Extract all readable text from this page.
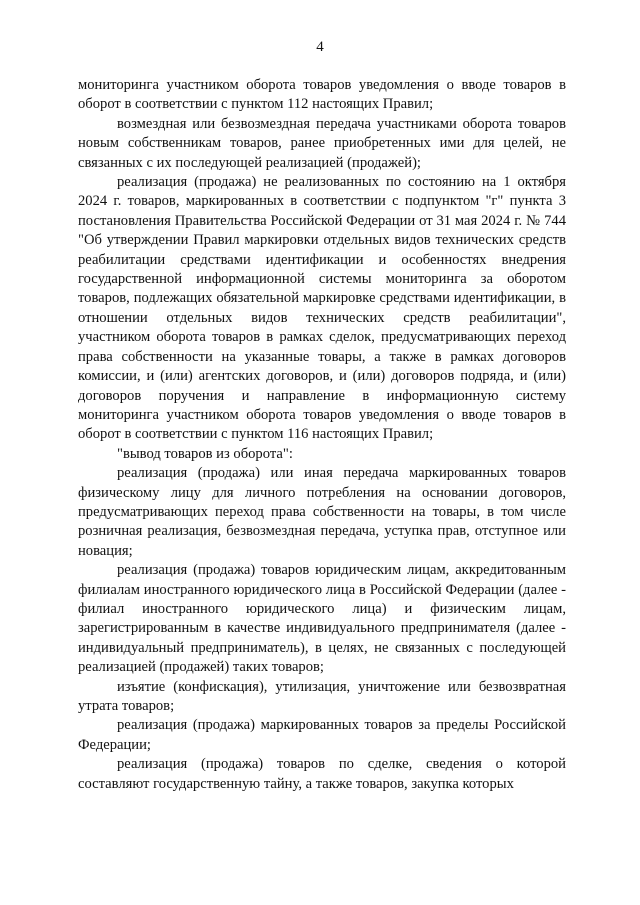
4

мониторинга участником оборота товаров уведомления о вводе товаров в оборот в соответствии с пунктом 112 настоящих Правил;

возмездная или безвозмездная передача участниками оборота товаров новым собственникам товаров, ранее приобретенных ими для целей, не связанных с их последующей реализацией (продажей);

реализация (продажа) не реализованных по состоянию на 1 октября 2024 г. товаров, маркированных в соответствии с подпунктом "г" пункта 3 постановления Правительства Российской Федерации от 31 мая 2024 г. № 744 "Об утверждении Правил маркировки отдельных видов технических средств реабилитации средствами идентификации и особенностях внедрения государственной информационной системы мониторинга за оборотом товаров, подлежащих обязательной маркировке средствами идентификации, в отношении отдельных видов технических средств реабилитации", участником оборота товаров в рамках сделок, предусматривающих переход права собственности на указанные товары, а также в рамках договоров комиссии, и (или) агентских договоров, и (или) договоров подряда, и (или) договоров поручения и направление в информационную систему мониторинга участником оборота товаров уведомления о вводе товаров в оборот в соответствии с пунктом 116 настоящих Правил;

"вывод товаров из оборота":

реализация (продажа) или иная передача маркированных товаров физическому лицу для личного потребления на основании договоров, предусматривающих переход права собственности на товары, в том числе розничная реализация, безвозмездная передача, уступка прав, отступное или новация;

реализация (продажа) товаров юридическим лицам, аккредитованным филиалам иностранного юридического лица в Российской Федерации (далее - филиал иностранного юридического лица) и физическим лицам, зарегистрированным в качестве индивидуального предпринимателя (далее - индивидуальный предприниматель), в целях, не связанных с последующей реализацией (продажей) таких товаров;

изъятие (конфискация), утилизация, уничтожение или безвозвратная утрата товаров;

реализация (продажа) маркированных товаров за пределы Российской Федерации;

реализация (продажа) товаров по сделке, сведения о которой составляют государственную тайну, а также товаров, закупка которых
